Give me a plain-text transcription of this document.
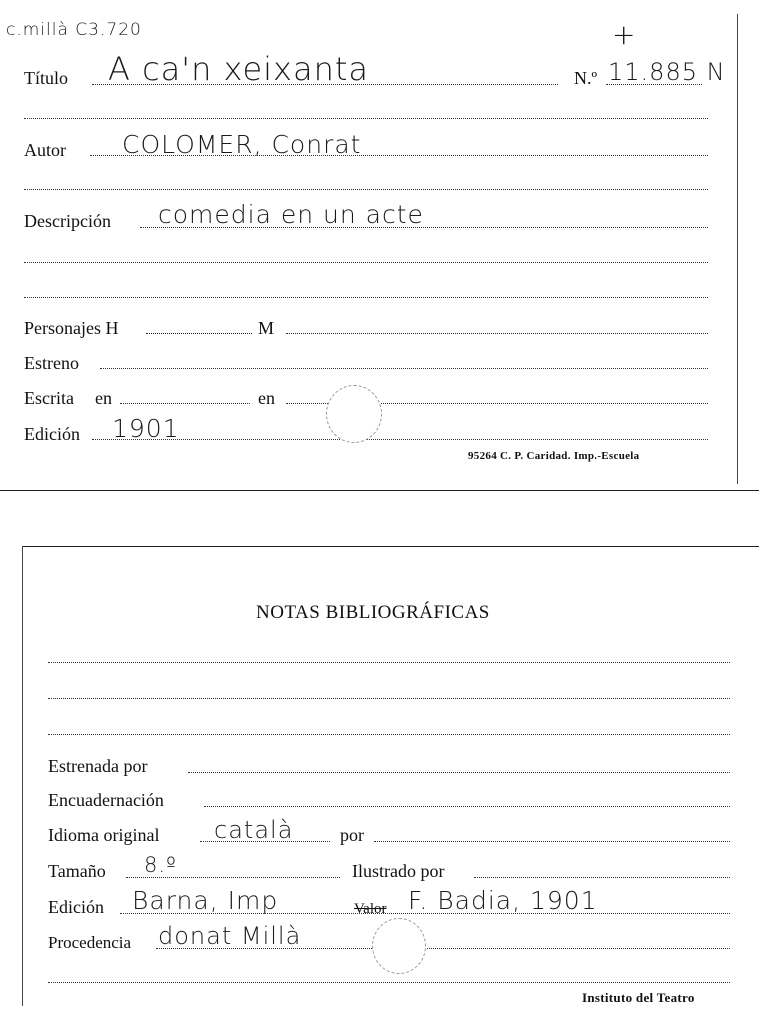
c.millà C3.720	+
Título A ca'n xeixanta	N.º 11.885 N
Autor COLOMER, Conrat
Descripción comedia en un acte
Personajes H	M
Estreno
Escrita en	en
Edición 1901
95264 C. P. Caridad. Imp.-Escuela
NOTAS BIBLIOGRÁFICAS
Estrenada por
Encuadernación
Idioma original català	por
Tamaño 8.º	Ilustrado por
Edición Barna, Imp	Valor F. Badia, 1901
Procedencia donat Millà
Instituto del Teatro
